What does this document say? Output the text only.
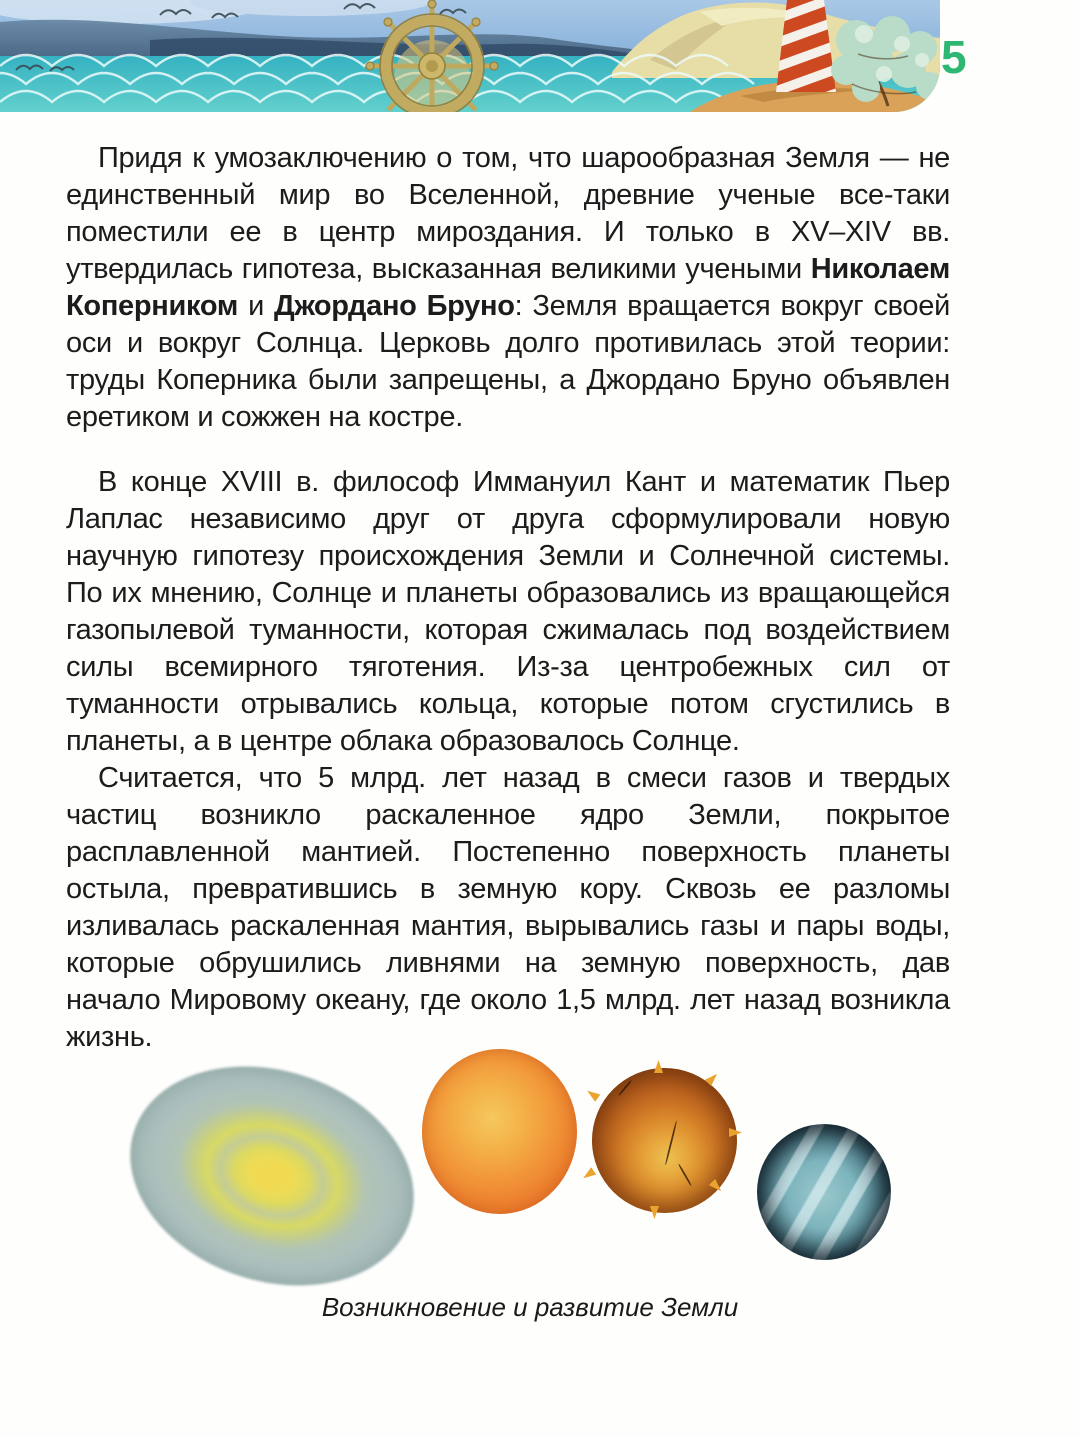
5

Придя к умозаключению о том, что шарообразная Земля — не единственный мир во Вселенной, древние ученые все-таки поместили ее в центр мироздания. И только в XV–XIV вв. утвердилась гипотеза, высказанная великими учеными Николаем Коперником и Джордано Бруно: Земля вращается вокруг своей оси и вокруг Солнца. Церковь долго противилась этой теории: труды Коперника были запрещены, а Джордано Бруно объявлен еретиком и сожжен на костре.

В конце XVIII в. философ Иммануил Кант и математик Пьер Лаплас независимо друг от друга сформулировали новую научную гипотезу происхождения Земли и Солнечной системы. По их мнению, Солнце и планеты образовались из вращающейся газопылевой туманности, которая сжималась под воздействием силы всемирного тяготения. Из-за центробежных сил от туманности отрывались кольца, которые потом сгустились в планеты, а в центре облака образовалось Солнце.

Считается, что 5 млрд. лет назад в смеси газов и твердых частиц возникло раскаленное ядро Земли, покрытое расплавленной мантией. Постепенно поверхность планеты остыла, превратившись в земную кору. Сквозь ее разломы изливалась раскаленная мантия, вырывались газы и пары воды, которые обрушились ливнями на земную поверхность, дав начало Мировому океану, где около 1,5 млрд. лет назад возникла жизнь.

Возникновение и развитие Земли
